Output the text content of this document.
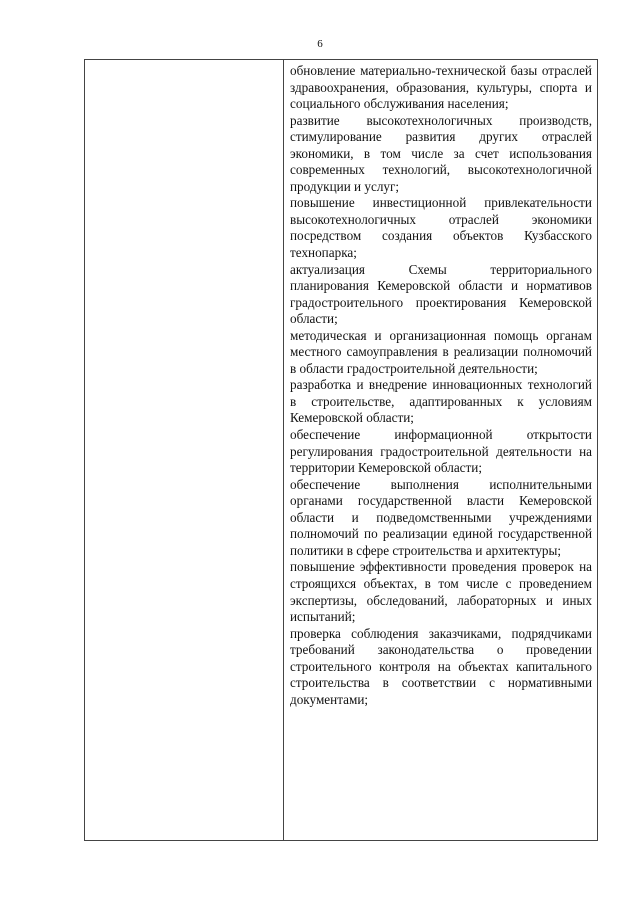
6

обновление материально-технической базы отраслей здравоохранения, образования, культуры, спорта и социального обслуживания населения;

развитие высокотехнологичных производств, стимулирование развития других отраслей экономики, в том числе за счет использования современных технологий, высокотехнологичной продукции и услуг;

повышение инвестиционной привлекательности высокотехнологичных отраслей экономики посредством создания объектов Кузбасского технопарка;

актуализация Схемы территориального планирования Кемеровской области и нормативов градостроительного проектирования Кемеровской области;

методическая и организационная помощь органам местного самоуправления в реализации полномочий в области градостроительной деятельности;

разработка и внедрение инновационных технологий в строительстве, адаптированных к условиям Кемеровской области;

обеспечение информационной открытости регулирования градостроительной деятельности на территории Кемеровской области;

обеспечение выполнения исполнительными органами государственной власти Кемеровской области и подведомственными учреждениями полномочий по реализации единой государственной политики в сфере строительства и архитектуры;

повышение эффективности проведения проверок на строящихся объектах, в том числе с проведением экспертизы, обследований, лабораторных и иных испытаний;

проверка соблюдения заказчиками, подрядчиками требований законодательства о проведении строительного контроля на объектах капитального строительства в соответствии с нормативными документами;
